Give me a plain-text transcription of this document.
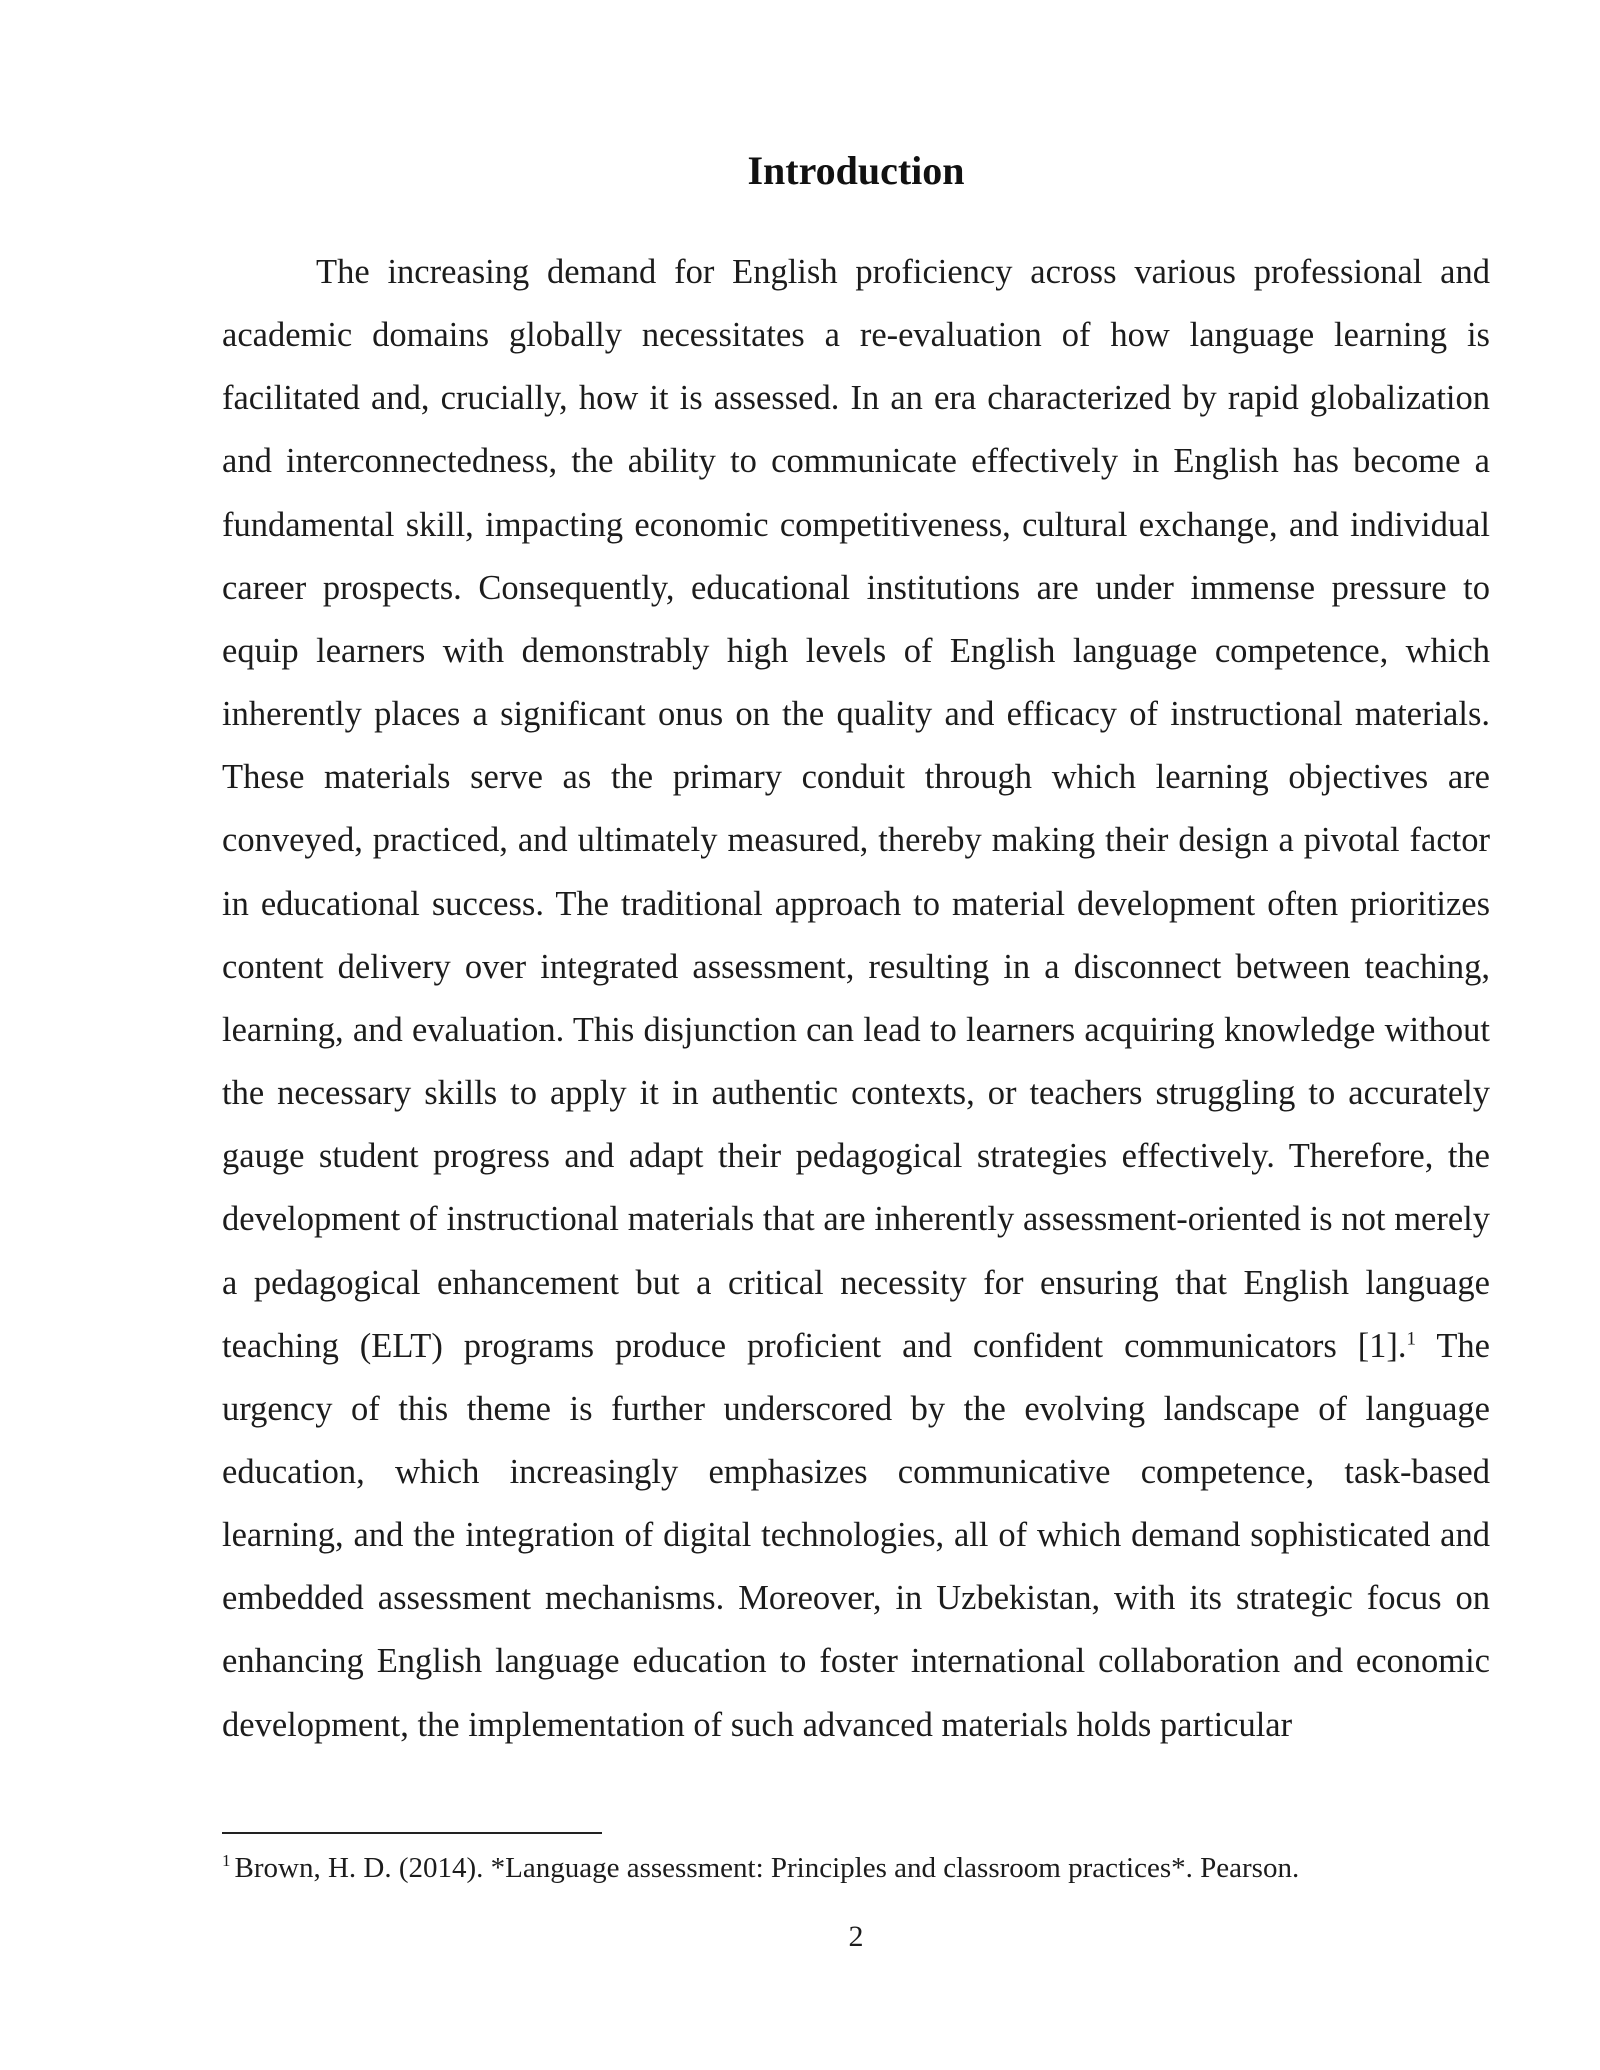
Introduction

The increasing demand for English proficiency across various professional and academic domains globally necessitates a re-evaluation of how language learning is facilitated and, crucially, how it is assessed. In an era characterized by rapid globalization and interconnectedness, the ability to communicate effectively in English has become a fundamental skill, impacting economic competitiveness, cultural exchange, and individual career prospects. Consequently, educational institutions are under immense pressure to equip learners with demonstrably high levels of English language competence, which inherently places a significant onus on the quality and efficacy of instructional materials. These materials serve as the primary conduit through which learning objectives are conveyed, practiced, and ultimately measured, thereby making their design a pivotal factor in educational success. The traditional approach to material development often prioritizes content delivery over integrated assessment, resulting in a disconnect between teaching, learning, and evaluation. This disjunction can lead to learners acquiring knowledge without the necessary skills to apply it in authentic contexts, or teachers struggling to accurately gauge student progress and adapt their pedagogical strategies effectively. Therefore, the development of instructional materials that are inherently assessment-oriented is not merely a pedagogical enhancement but a critical necessity for ensuring that English language teaching (ELT) programs produce proficient and confident communicators [1].$^1$ The urgency of this theme is further underscored by the evolving landscape of language education, which increasingly emphasizes communicative competence, task-based learning, and the integration of digital technologies, all of which demand sophisticated and embedded assessment mechanisms. Moreover, in Uzbekistan, with its strategic focus on enhancing English language education to foster international collaboration and economic development, the implementation of such advanced materials holds particular

$^1$ Brown, H. D. (2014). *Language assessment: Principles and classroom practices*. Pearson.

2
